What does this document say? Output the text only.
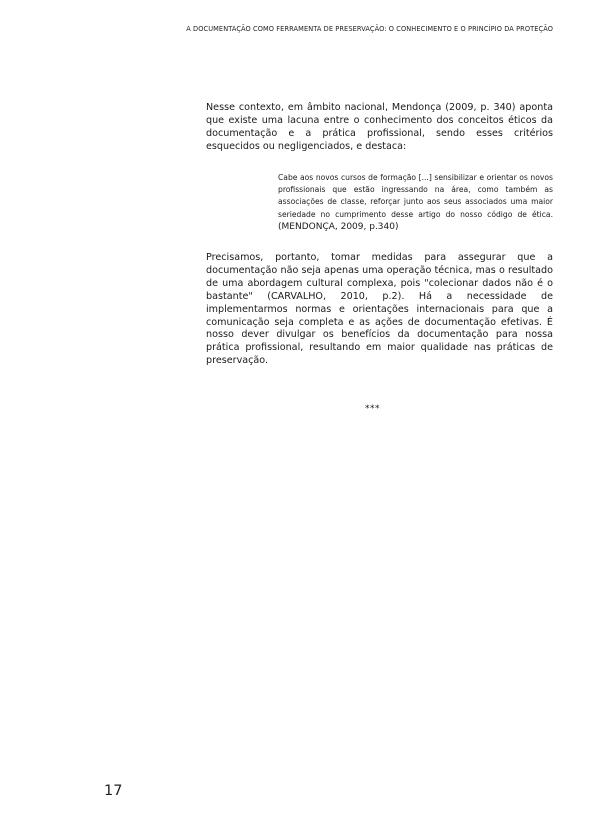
A DOCUMENTAÇÃO COMO FERRAMENTA DE PRESERVAÇÃO: O CONHECIMENTO E O PRINCÍPIO DA PROTEÇÃO

Nesse contexto, em âmbito nacional, Mendonça (2009, p. 340) aponta que existe uma lacuna entre o conhecimento dos conceitos éticos da documentação e a prática profissional, sendo esses critérios esquecidos ou negligenciados, e destaca:

Cabe aos novos cursos de formação [...] sensibilizar e orientar os novos profissionais que estão ingressando na área, como também as associações de classe, reforçar junto aos seus associados uma maior seriedade no cumprimento desse artigo do nosso código de ética. (MENDONÇA, 2009, p.340)

Precisamos, portanto, tomar medidas para assegurar que a documentação não seja apenas uma operação técnica, mas o resultado de uma abordagem cultural complexa, pois "colecionar dados não é o bastante" (CARVALHO, 2010, p.2). Há a necessidade de implementarmos normas e orientações internacionais para que a comunicação seja completa e as ações de documentação efetivas. É nosso dever divulgar os benefícios da documentação para nossa prática profissional, resultando em maior qualidade nas práticas de preservação.

***
17
